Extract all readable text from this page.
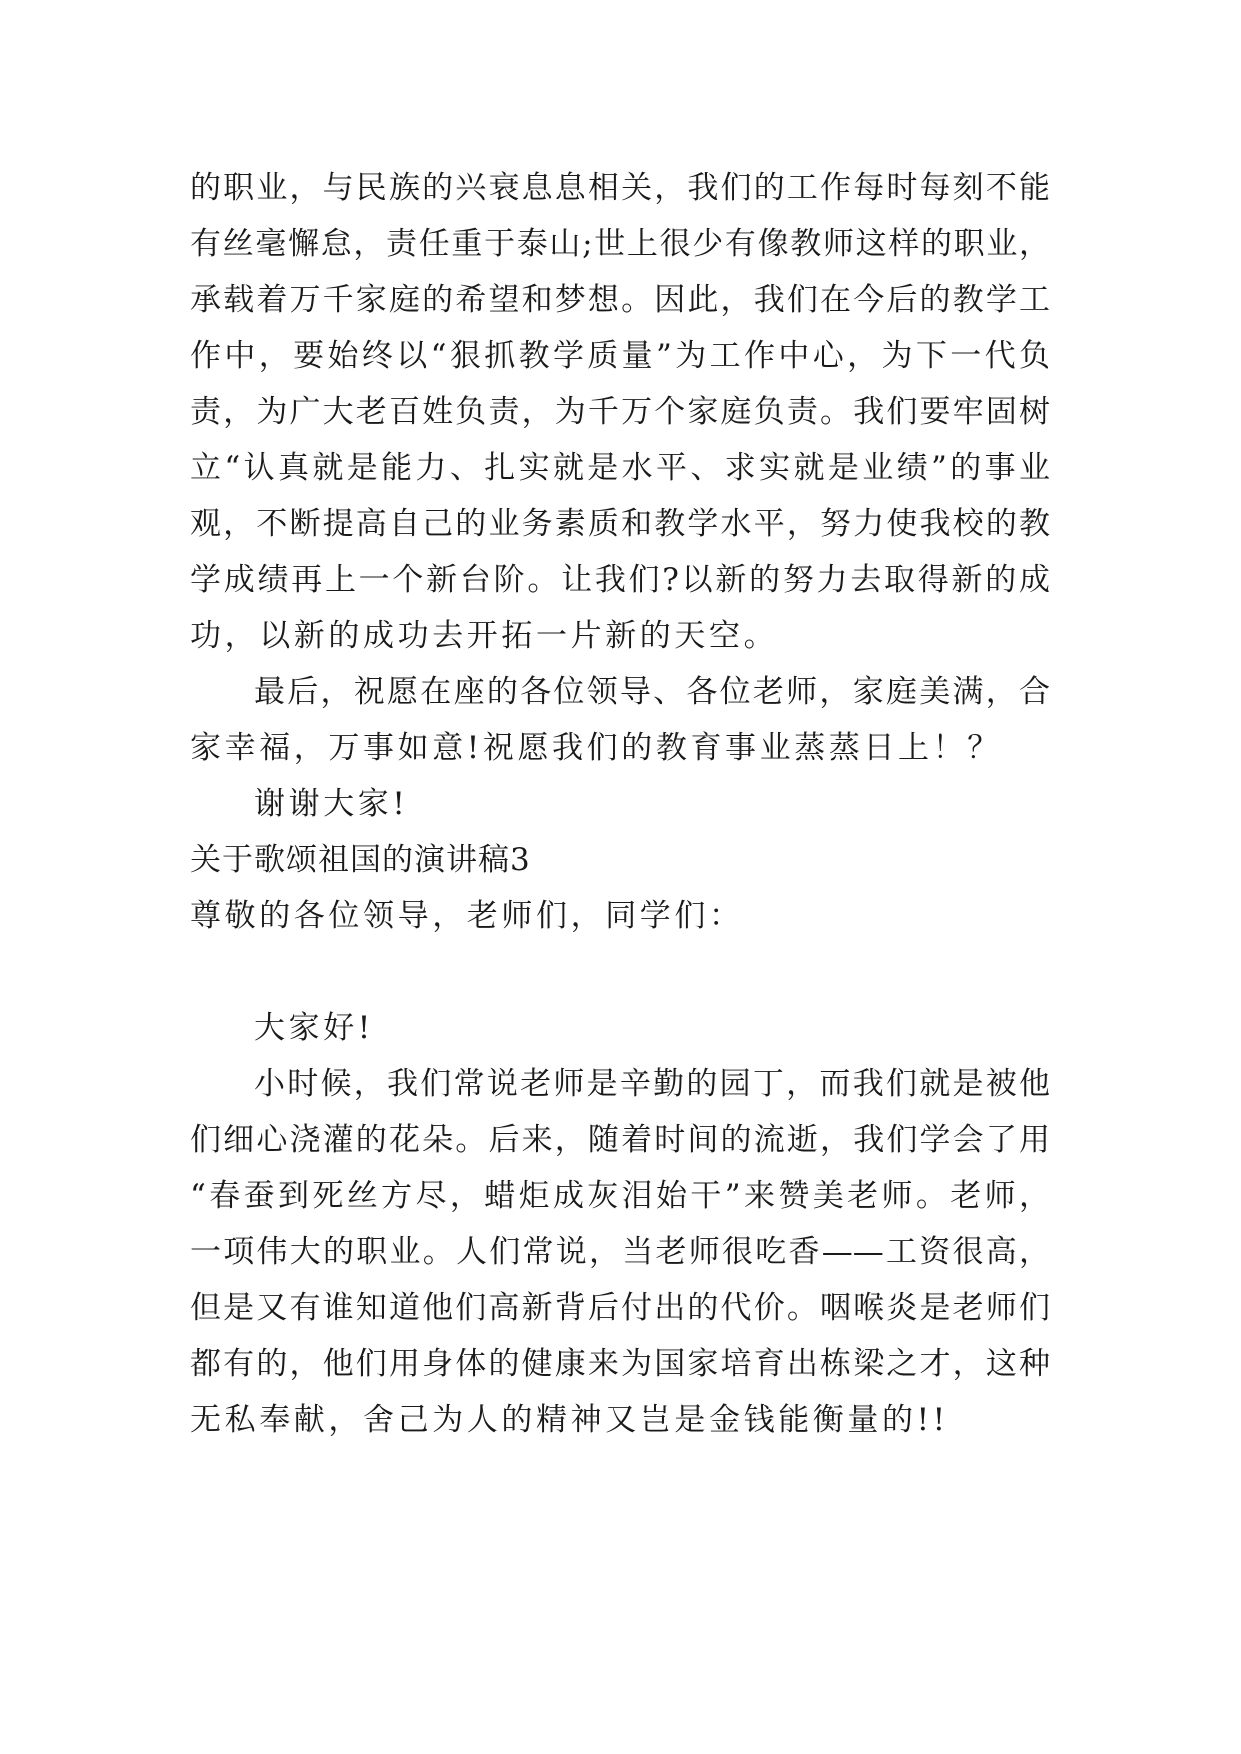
的职业，与民族的兴衰息息相关，我们的工作每时每刻不能
有丝毫懈怠，责任重于泰山;世上很少有像教师这样的职业，
承载着万千家庭的希望和梦想。因此，我们在今后的教学工
作中，要始终以“狠抓教学质量”为工作中心，为下一代负
责，为广大老百姓负责，为千万个家庭负责。我们要牢固树
立“认真就是能力、扎实就是水平、求实就是业绩”的事业
观，不断提高自己的业务素质和教学水平，努力使我校的教
学成绩再上一个新台阶。让我们?以新的努力去取得新的成
功，以新的成功去开拓一片新的天空。
最后，祝愿在座的各位领导、各位老师，家庭美满，合
家幸福，万事如意!祝愿我们的教育事业蒸蒸日上！？
谢谢大家!
关于歌颂祖国的演讲稿3
尊敬的各位领导，老师们，同学们：
大家好!
小时候，我们常说老师是辛勤的园丁，而我们就是被他
们细心浇灌的花朵。后来，随着时间的流逝，我们学会了用
“春蚕到死丝方尽，蜡炬成灰泪始干”来赞美老师。老师，
一项伟大的职业。人们常说，当老师很吃香——工资很高，
但是又有谁知道他们高新背后付出的代价。咽喉炎是老师们
都有的，他们用身体的健康来为国家培育出栋梁之才，这种
无私奉献，舍己为人的精神又岂是金钱能衡量的!!
